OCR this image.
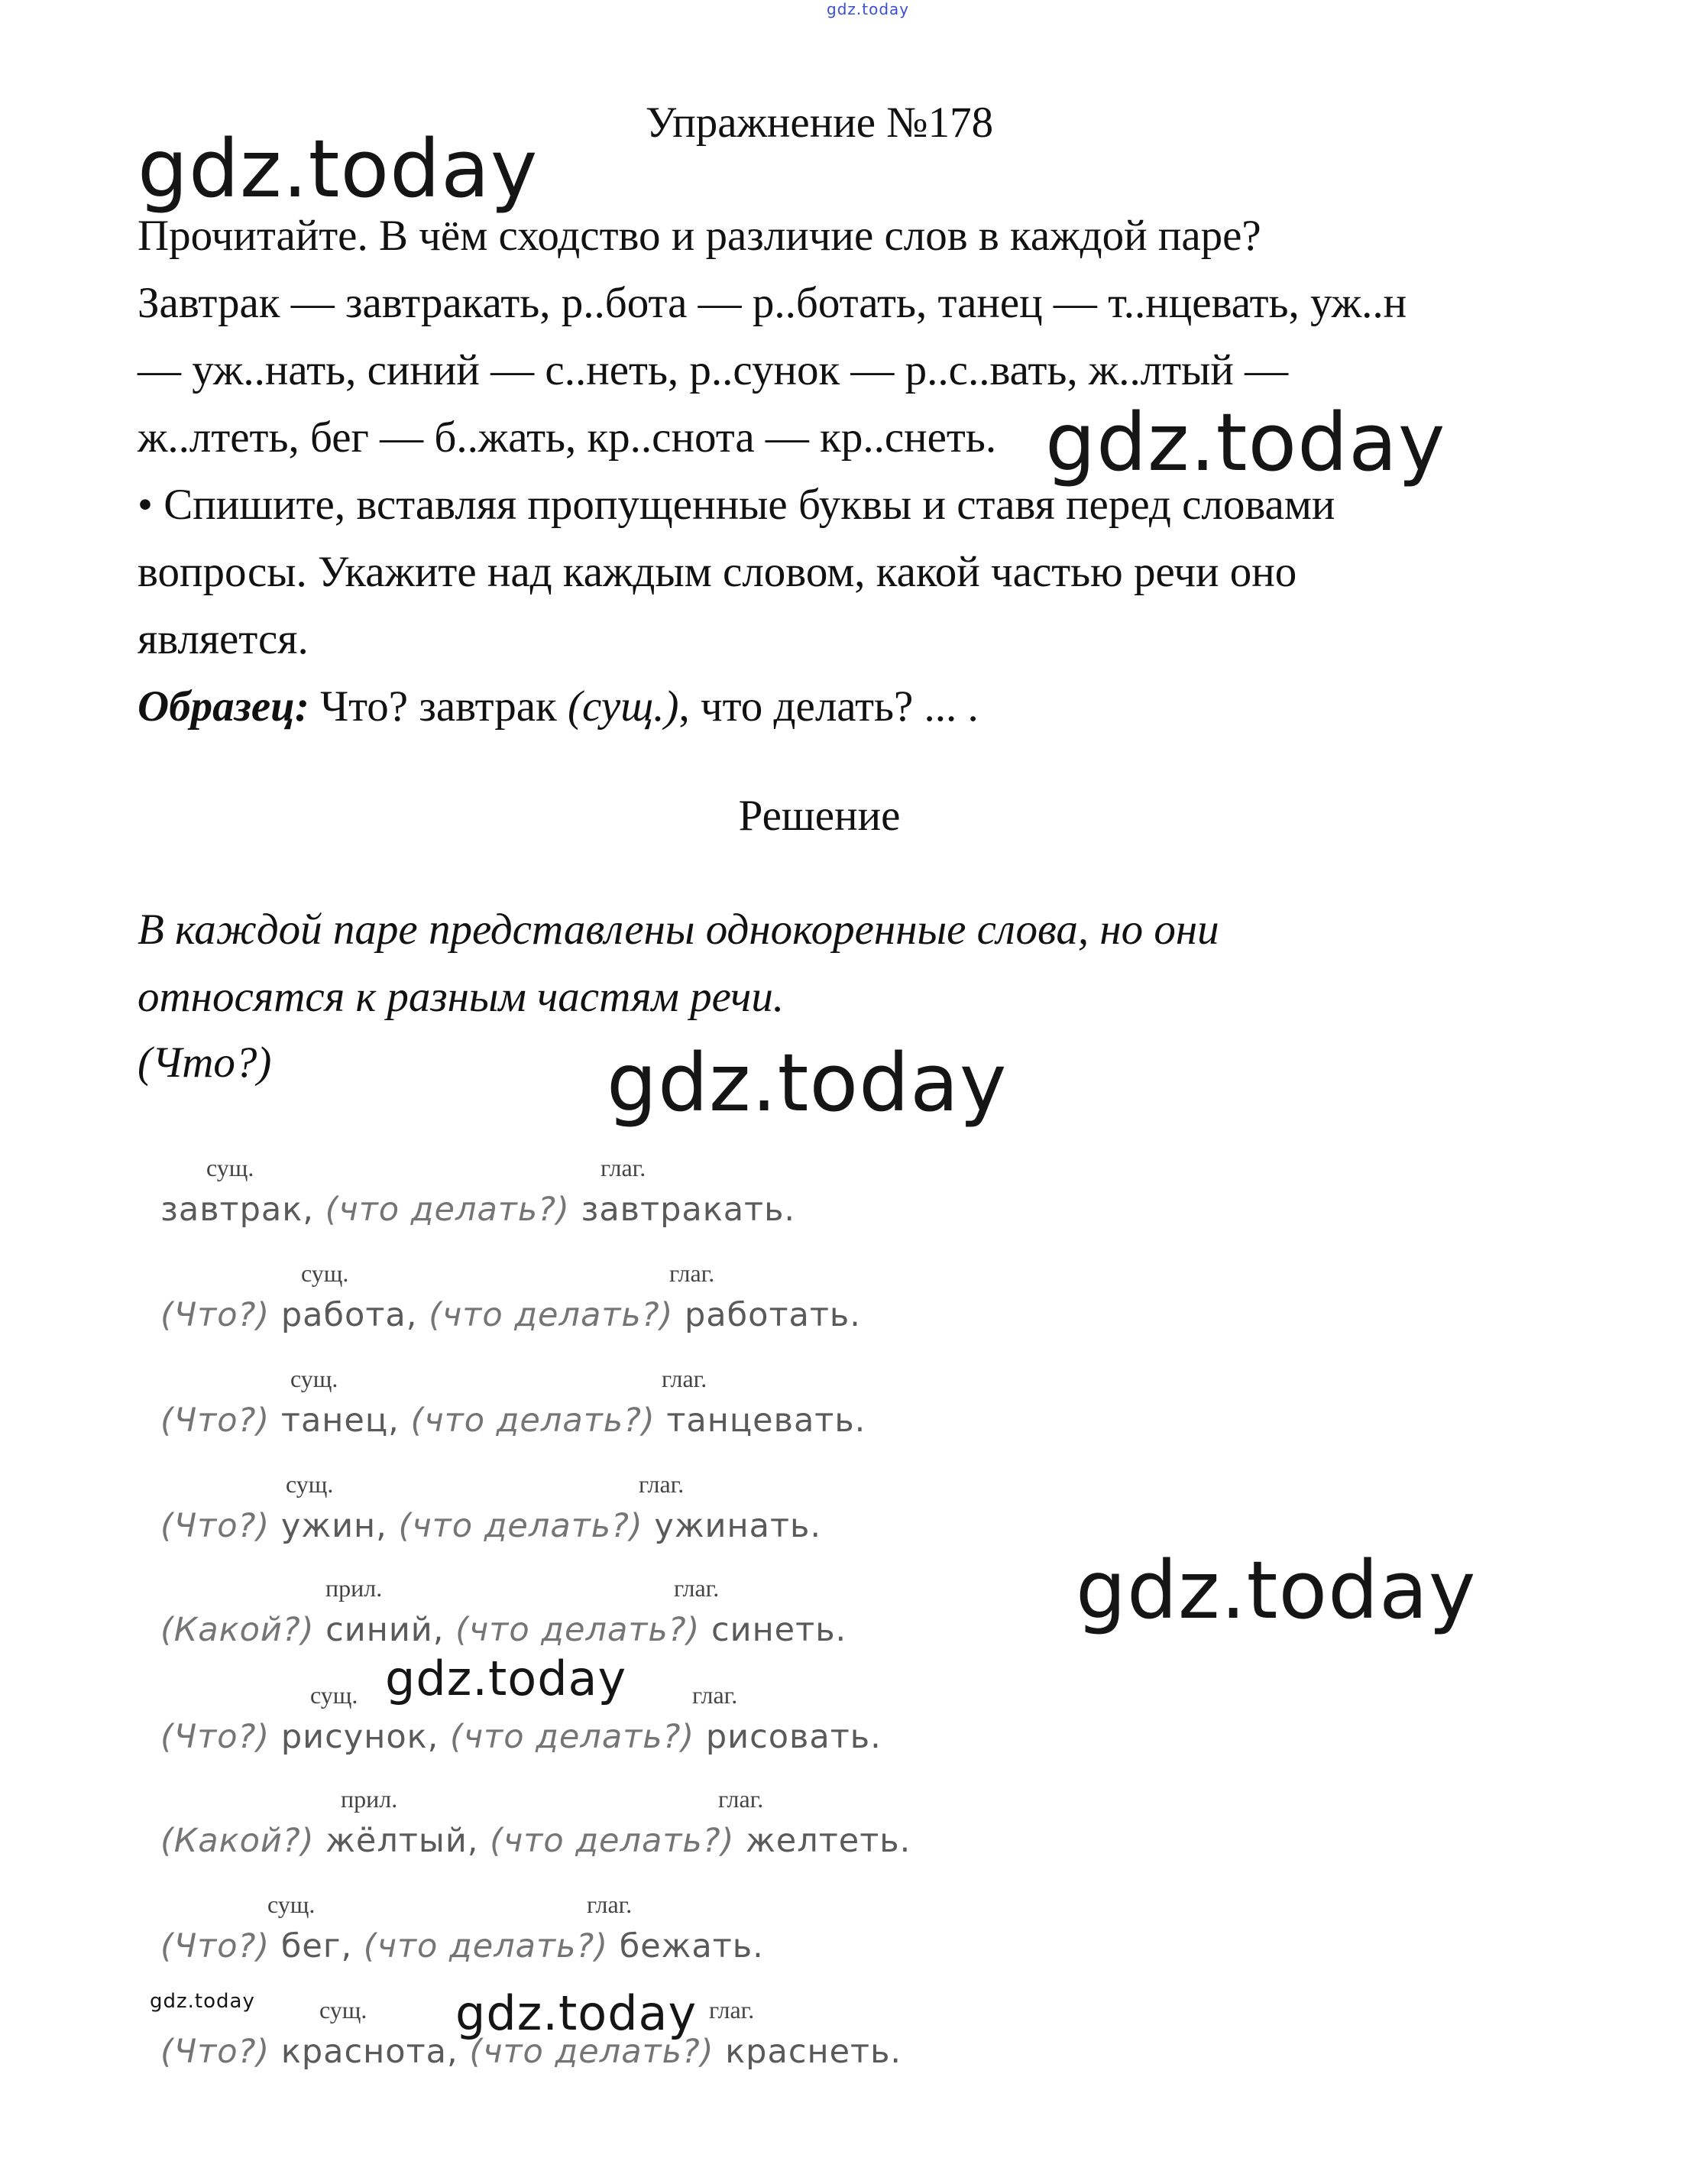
gdz.today
gdz.today
gdz.today
gdz.today
gdz.today
gdz.today
gdz.today
gdz.today
Упражнение №178
Прочитайте. В чём сходство и различие слов в каждой паре?
Завтрак — завтракать, р..бота — р..ботать, танец — т..нцевать, уж..н
— уж..нать, синий — с..неть, р..сунок — р..с..вать, ж..лтый —
ж..лтеть, бег — б..жать, кр..снота — кр..снеть.
• Спишите, вставляя пропущенные буквы и ставя перед словами
вопросы. Укажите над каждым словом, какой частью речи оно
является.
Образец: Что? завтрак (сущ.), что делать? ... .
Решение
В каждой паре представлены однокоренные слова, но они
относятся к разным частям речи.
(Что?)
сущ.	глаг.
завтрак, (что делать?) завтракать.
сущ.	глаг.
(Что?) работа, (что делать?) работать.
сущ.	глаг.
(Что?) танец, (что делать?) танцевать.
сущ.	глаг.
(Что?) ужин, (что делать?) ужинать.
прил.	глаг.
(Какой?) синий, (что делать?) синеть.
сущ.	глаг.
(Что?) рисунок, (что делать?) рисовать.
прил.	глаг.
(Какой?) жёлтый, (что делать?) желтеть.
сущ.	глаг.
(Что?) бег, (что делать?) бежать.
сущ.	глаг.
(Что?) краснота, (что делать?) краснеть.
